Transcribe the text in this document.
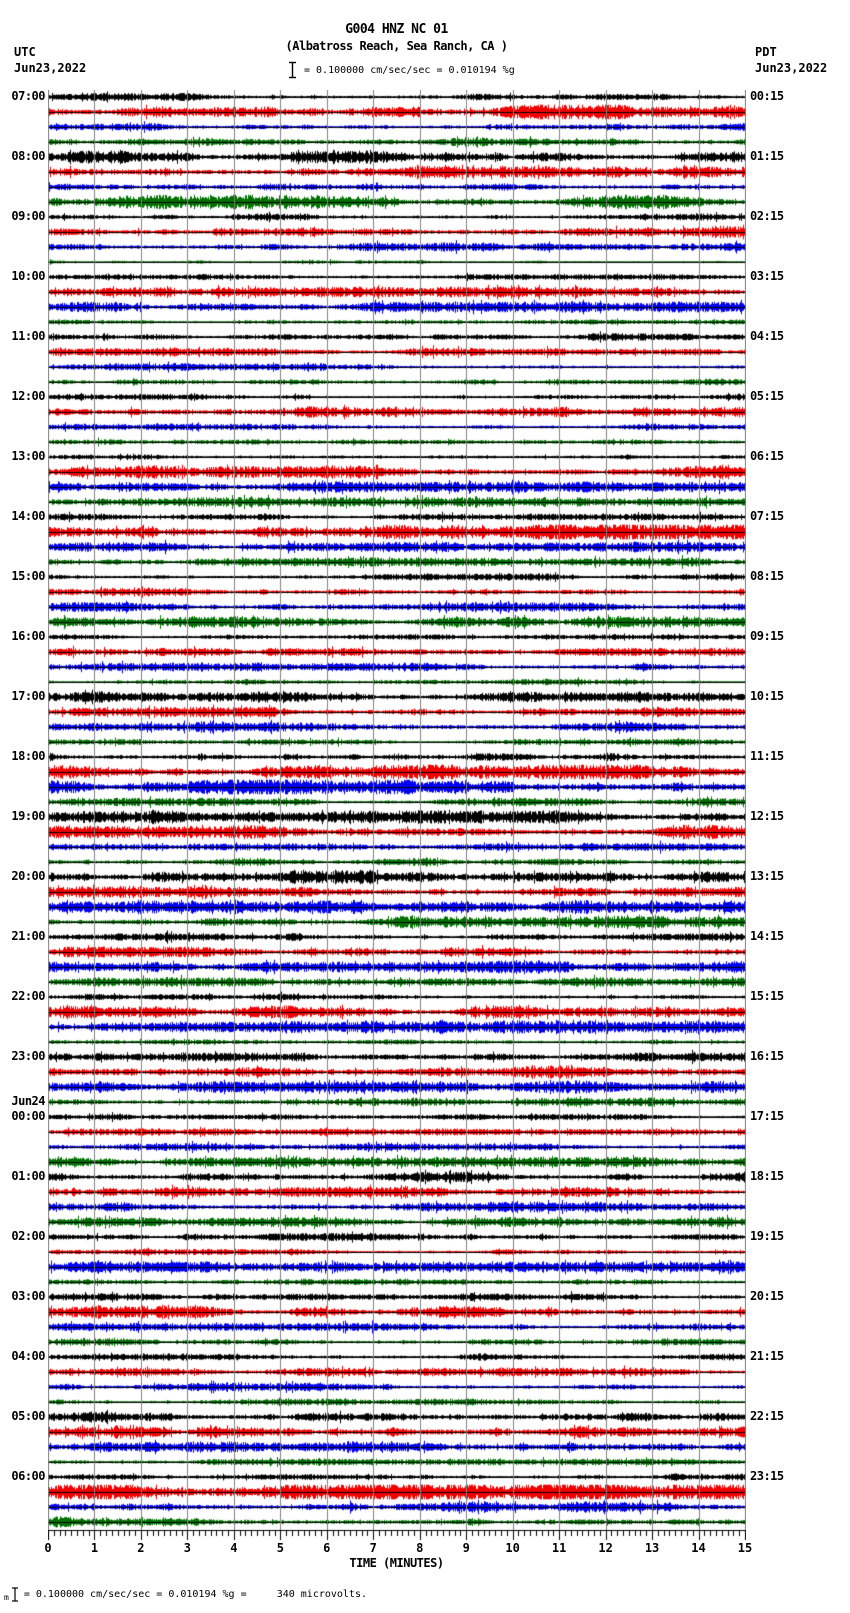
G004 HNZ NC 01
(Albatross Reach, Sea Ranch, CA )
UTC
Jun23,2022
PDT
Jun23,2022
= 0.100000 cm/sec/sec = 0.010194 %g
07:00
08:00
09:00
10:00
11:00
12:00
13:00
14:00
15:00
16:00
17:00
18:00
19:00
20:00
21:00
22:00
23:00
00:00
01:00
02:00
03:00
04:00
05:00
06:00
00:15
01:15
02:15
03:15
04:15
05:15
06:15
07:15
08:15
09:15
10:15
11:15
12:15
13:15
14:15
15:15
16:15
17:15
18:15
19:15
20:15
21:15
22:15
23:15
Jun24
0	1	2	3	4	5	6	7	8	9	10	11	12	13	14	15
TIME (MINUTES)
m = 0.100000 cm/sec/sec = 0.010194 %g =     340 microvolts.
